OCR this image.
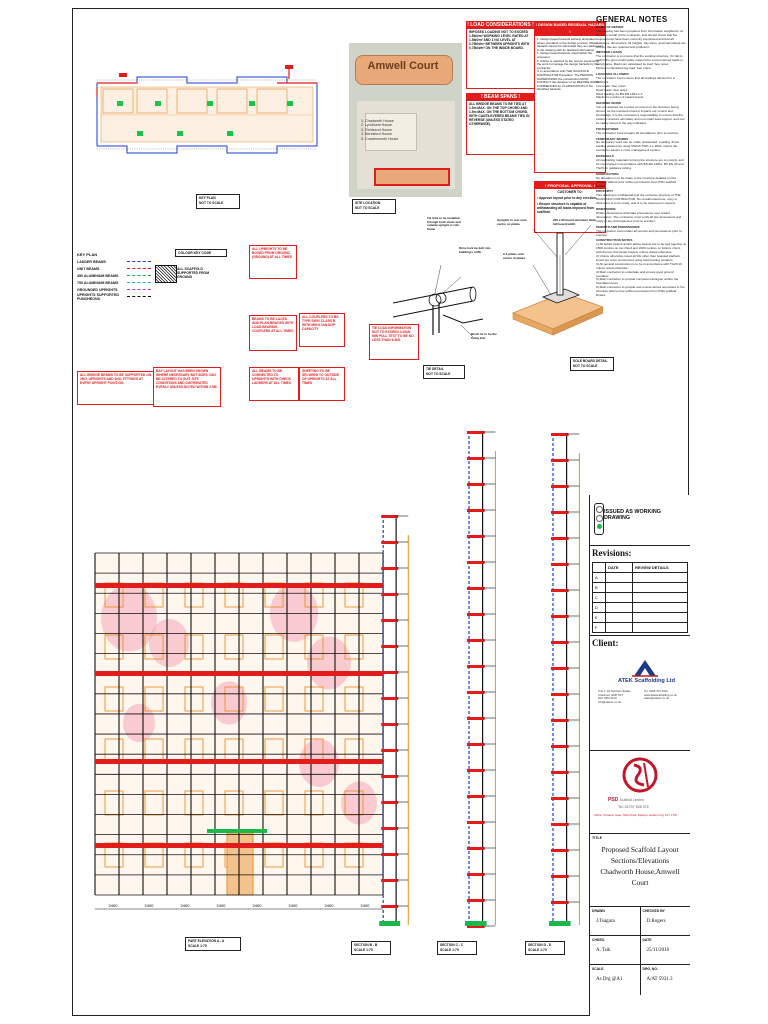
KEY PLAN
NOT TO SCALE
Amwell Court
1. Chadworth House
2. Lyndhurst House
3. Fieldsend House
4. Beresford House
5. Cowdenworth House
SITE LOCATION
NOT TO SCALE
! LOAD CONSIDERATIONS !
IMPOSED LOADING NOT TO EXCEED 1.5kN/m² WORKING LEVEL RATED AT 1.5kN/m² AND 1 NO LEVEL AT 0.75kN/m² BETWEEN UPRIGHTS WITH 0.75kN/m² ON THE INSIDE BOARD.
! DESIGN BASED RESIDUAL HAZARD !
1. Design based hazards actively eliminated where prevalent in the design process. Where hazards cannot be eliminated they are addressed in the drawing with an attached information.
1. Design based hazards noted within the proposed.
2. Advice is required by the person supervising the work to manage the design hazards by the contractor.
3. In accordance with THE SCAFFOLD CONTRACTOR Procedure. The PERSON SUPERVISING the construction MUST CONTACT the designer of an BEFORE WORK COMMENCES for CLARIFICATION of the identified hazards.
! BEAM SPANS !
ALL BRIDGE BEAMS TO BE TIED AT 1.5m MAX. ON THE TOP CHORD AND 1.5m MAX. ON THE BOTTOM CHORD, WITH CANTILEVERED BEAMS TIED IN REVERSE (UNLESS STATED OTHERWISE).
! PROPOSAL APPROVAL !
CUSTOMER TO:
• Approve layout prior to any erection.
• Ensure structure is capable of withstanding all loads imposed from scaffold.
GENERAL NOTES
BASIS OF DESIGN
The drawing has been prepared from information supplied to us by, or on behalf of the contractor, and should check that the requirements have been correctly interpreted and that all roadways, dimensions, fill heights, bay sizes, and load ratings are correct. We are required and proficient.
IMPOSED LOADS
The contractor is to ensure that the working structure, if it fall-in, and/or the ground will safely support the extra imposed loads in supply area. Maximum calculated tie load: See notes
Minimum calculated leg load: See notes
LOADINGS ALLOWED
The contractor must ensure that all loadings allowed for a sufficient.
Live loads: See notes
Dead loads: See notes
Wind loading: As BS EN 1991-1-4
Maximum number of loaded levels
SHORING WORK
You are advised not to pass comment on the structure being shored, as the involved inherent impacts our control and knowledge. It is the contractor's responsibility to ensure that the existing structure will safely and not impair load support, and can be safely stored in the way indicated.
FOUNDATIONS
The contractor must prepare all foundations prior to erection.
TEMPORARY WORKS
No temporary work can be made unattended. Loading, those loading statements using NWGS TWF-1-1 2000, unless the contractor adopts a more management system.
MATERIALS
All scaffolding materials forming the structure are to comply, and be constructed in accordance with BS EN 12811, BS EN 39 and TG20 for guidance tubing.
MODIFICATION
No alteration is to be made to the structure detailed on this drawing without prior written permission from PSD scaffold limited.
PROPERTY
This drawing is confidential and the exclusive property of THE SCAFFOLD CONTRACTOR. No unauthorised use, copy or disclosure is to be made, and is to be returned on request.
DIMENSIONS
Written dimensions shall take precedence over scaled dimensions. The contractor must verify all site dimensions and notify of any discrepancies prior to erection.
PERMITS AND PERMISSIONS
The contractor must obtain all permits and permissions prior to erection.
CONSTRUCTION NOTES
1) All ladder beams and/or lattice beams are to be tied together at 1500 centres on top chord and 2400 centres on bottom chord, with the top chord plan braced, unless stated otherwise.
2) Unless otherwise noted all lifts other than boarded platform levels are to be constructed using load bearing couplers.
3) All general construction is to be in accordance with TG20:13 unless noted otherwise.
4) Main contractor to undertake and ensure good ground condition.
5) Main contractor to provide competent designer and/or the foundation level.
6) Main contractor to provide and ensure all ties are tested to the structure before prior written permission from PSD scaffold limited.
KEY PLAN
LADDER BEAMS
UNIT BEAMS
450 ALUMINIUM BEAMS
750 ALUMINIUM BEAMS
GROUNDED UPRIGHTS
UPRIGHTS SUPPORTED PUNCHEONS
COLOUR KEY CODE
ALL SCAFFOLD SUPPORTED FROM GROUND
ALL UPRIGHTS TO BE BOXED FROM GROUND (GROUND) AT ALL TIMES
ALL COUPLERS TO BE TYPE SWIV CLASS B WITH MIN 6.1kN SLIP CAPACITY
BEAMS TO BE LACED AND PLAN BRACED WITH LOAD BEARING COUPLERS AT ALL TIMES
ALL BRIDGE BEAMS TO BE SUPPORTED ON 2NO. UPRIGHTS AND 4NO. FITTINGS AT EVERY UPRIGHT POSITION
BAY LAYOUT HAS BEEN SHOWN WHERE NECESSARY BUT SIZES CAN BE ALTERED TO SUIT SITE CONDITIONS AND DISTRIBUTED EVENLY UNLESS NOTED WITHIN 2.5M
ALL BEAMS TO BE CONNECTED TO UPRIGHTS WITH CHECK LADDERS AT ALL TIMES
SHEETING TO BE SECURED TO OUTSIDE OF UPRIGHTS AT ALL TIMES
TIE LOAD INFORMATION NOT TO EXCEED 4.20kN MIN PULL TEST TO BE NO LESS THAN 6.3kN
Tie tube to be installed through both studs and outside upright or ride frame
Drive lock tie-bolt into building's soffit
Block tie to be the fixing bolt
TIE DETAIL
NOT TO SCALE
Uprights to rest onto centre on plates
225 x 63 board minimum thick full board width
2-3 plates onto centre of plates
SOLE BOARD DETAIL
NOT TO SCALE
2400	2400	2400	2400	2400	2400	2400	2400
PART ELEVATION A - A
SCALE 1:75	SECTION B - B
SCALE 1:75
SECTION C - C
SCALE 1:75
SECTION D - D
SCALE 1:75
ISSUED AS WORKING DRAWING
Revisions:
	DATE	REVIEW DETAILS
A		
B		
C		
D		
E		
F		
Client:
ATEK Scaffolding Ltd
Unit 1, 2A Northern Estate
Cheshunt, EN8 7HT
020 7250 0120
info@ateksc.co.uk
Tel: 0208 370 1040
www.atekscaffolding.co.uk
sales@ateksc.co.uk
PSD Scaffold Limited
Tel: 01707 528 375
Office: 3 Falcon Gate, Shire Park, Welwyn Garden City AL7 1TW
TITLE
Proposed Scaffold Layout
Sections/Elevations
Chadworth House,Amwell Court
DRAWN
J.Tsagara
CHECKED BY
D.Rogers
CHKED.
A. Tsik
DATE
25/11/2016
SCALE.
As Drg @A1
DRG. NO.
A/AT 5931.3
